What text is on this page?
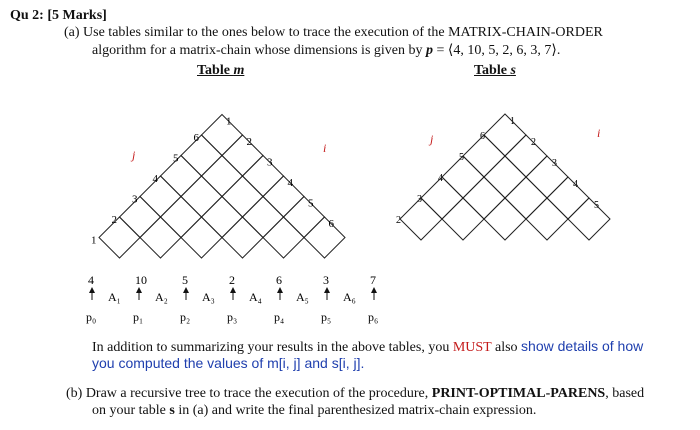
Qu 2: [5 Marks]
(a) Use tables similar to the ones below to trace the execution of the MATRIX-CHAIN-ORDER
algorithm for a matrix-chain whose dimensions is given by p = ⟨4, 10, 5, 2, 6, 3, 7⟩.
Table m	Table s
1
2
3
4
5
6
1
2
3
4
5
6
j	i
2
3
4
5
6
1
2
3
4
5
j	i
4
p₀
10
p₁
5
p₂
2
p₃
6
p₄
3
p₅
7
p₆
A₁	A₂	A₃	A₄	A₅	A₆
In addition to summarizing your results in the above tables, you MUST also show details of how
you computed the values of m[i, j] and s[i, j].
(b) Draw a recursive tree to trace the execution of the procedure, PRINT-OPTIMAL-PARENS, based
on your table s in (a) and write the final parenthesized matrix-chain expression.
